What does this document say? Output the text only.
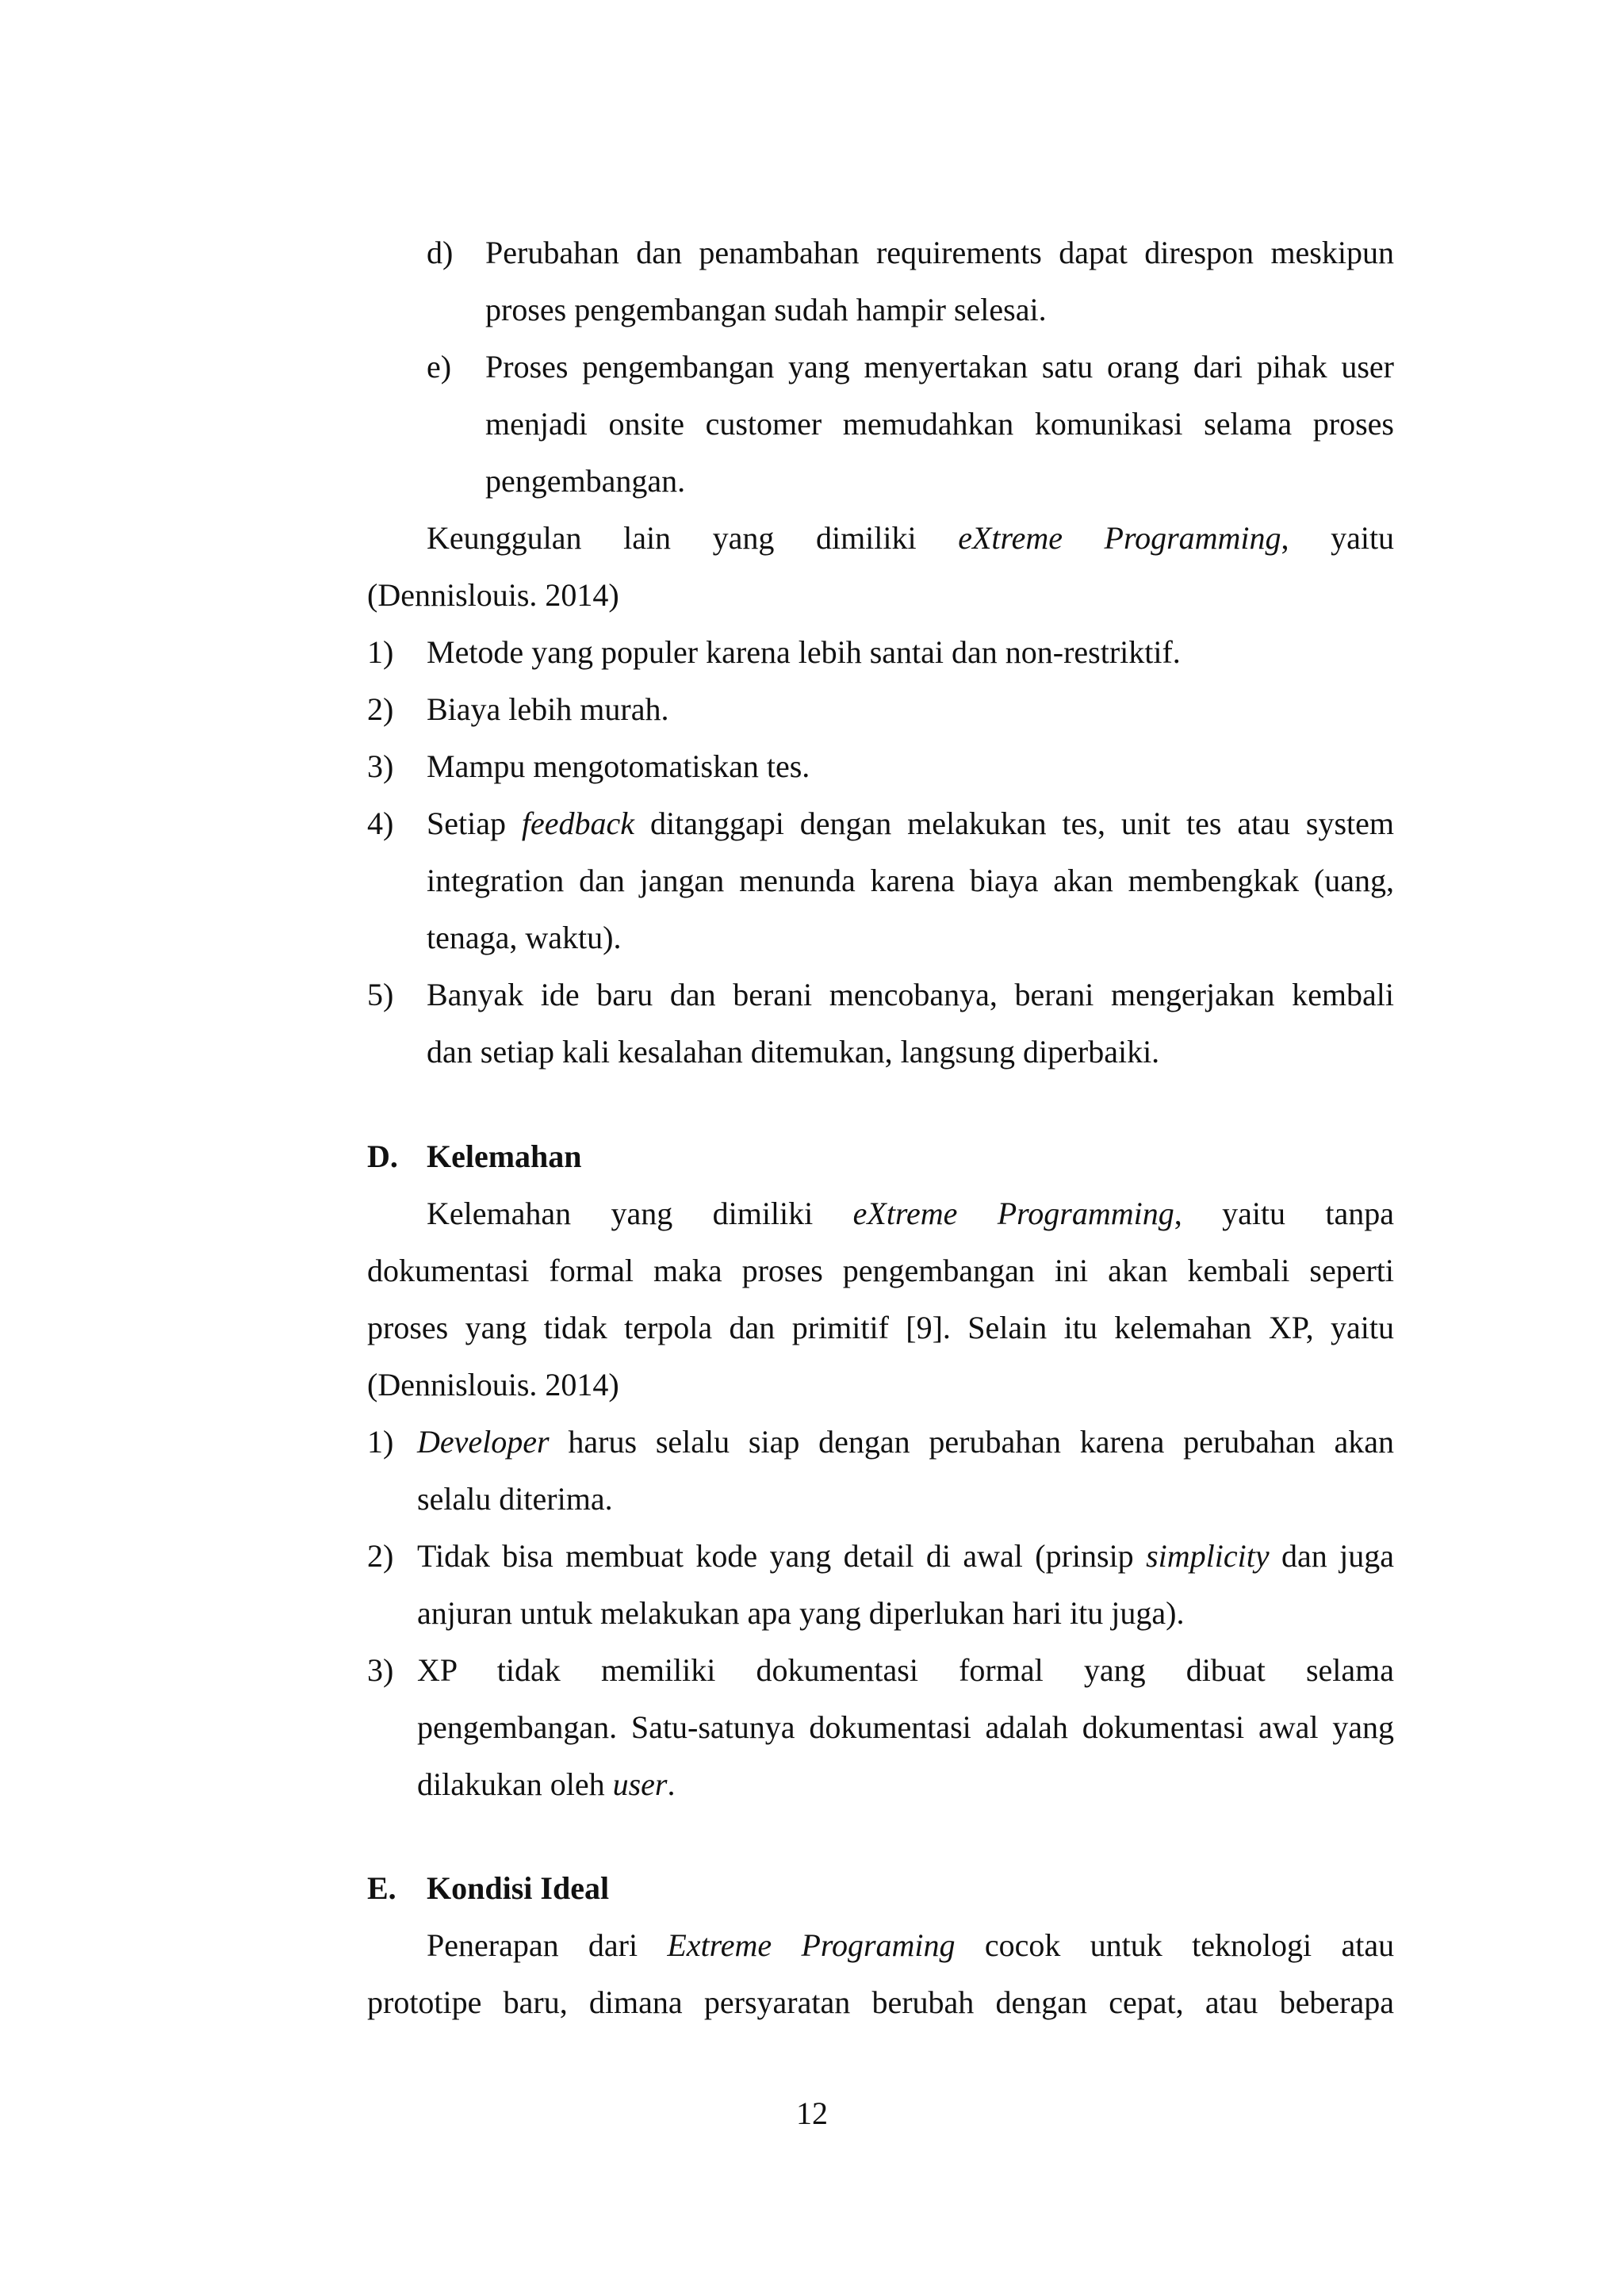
d) Perubahan dan penambahan requirements dapat direspon meskipun
proses pengembangan sudah hampir selesai.
e) Proses pengembangan yang menyertakan satu orang dari pihak user
menjadi onsite customer memudahkan komunikasi selama proses
pengembangan.
Keunggulan lain yang dimiliki eXtreme Programming, yaitu
(Dennislouis. 2014)
1) Metode yang populer karena lebih santai dan non-restriktif.
2) Biaya lebih murah.
3) Mampu mengotomatiskan tes.
4) Setiap feedback ditanggapi dengan melakukan tes, unit tes atau system
integration dan jangan menunda karena biaya akan membengkak (uang,
tenaga, waktu).
5) Banyak ide baru dan berani mencobanya, berani mengerjakan kembali
dan setiap kali kesalahan ditemukan, langsung diperbaiki.
D. Kelemahan
Kelemahan yang dimiliki eXtreme Programming, yaitu tanpa
dokumentasi formal maka proses pengembangan ini akan kembali seperti
proses yang tidak terpola dan primitif [9]. Selain itu kelemahan XP, yaitu
(Dennislouis. 2014)
1) Developer harus selalu siap dengan perubahan karena perubahan akan
selalu diterima.
2) Tidak bisa membuat kode yang detail di awal (prinsip simplicity dan juga
anjuran untuk melakukan apa yang diperlukan hari itu juga).
3) XP tidak memiliki dokumentasi formal yang dibuat selama
pengembangan. Satu-satunya dokumentasi adalah dokumentasi awal yang
dilakukan oleh user.
E. Kondisi Ideal
Penerapan dari Extreme Programing cocok untuk teknologi atau
prototipe baru, dimana persyaratan berubah dengan cepat, atau beberapa
12
